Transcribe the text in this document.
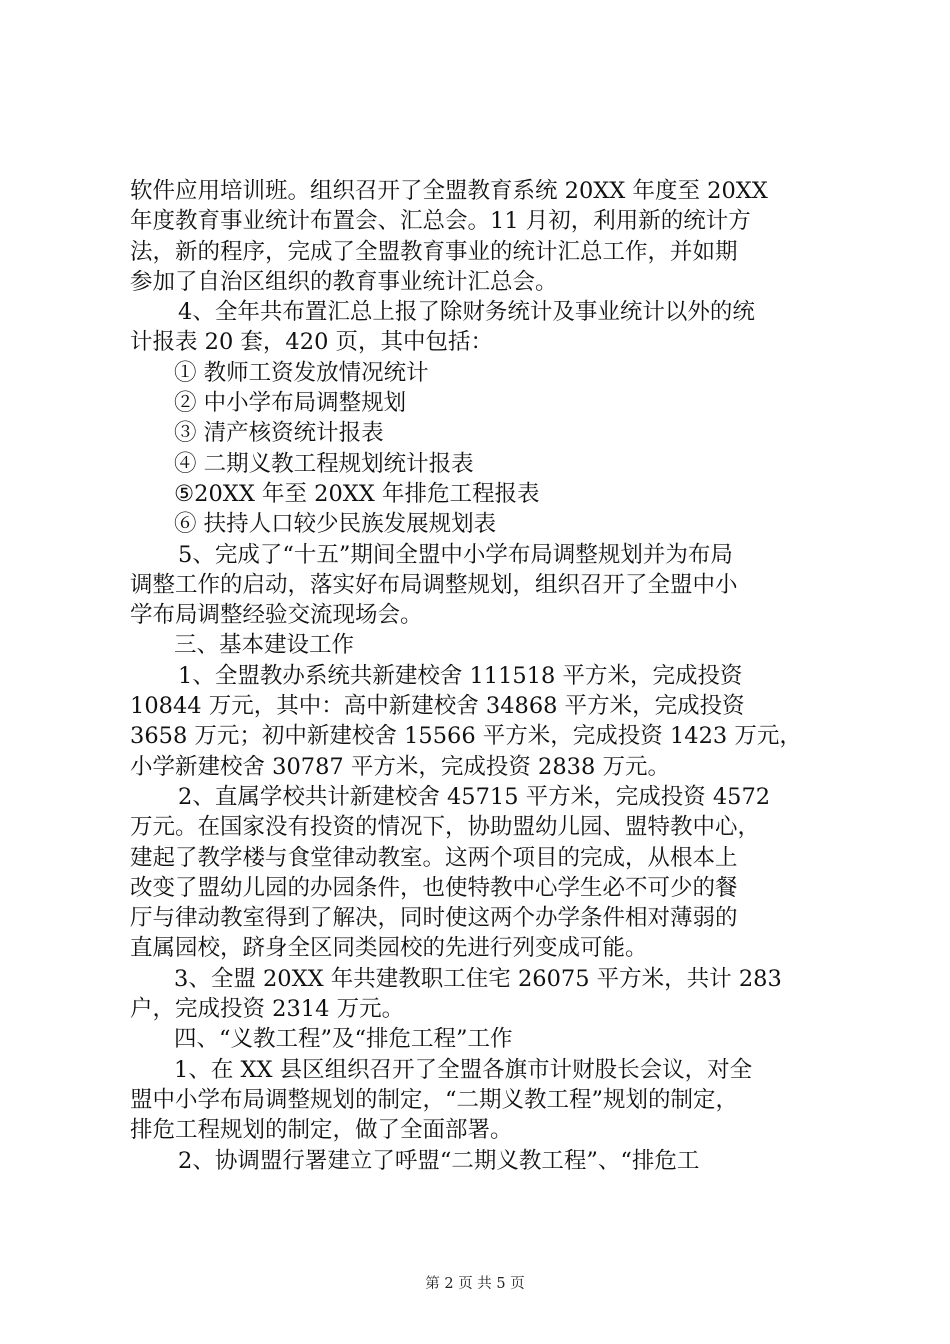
软件应用培训班。组织召开了全盟教育系统 20XX 年度至 20XX
年度教育事业统计布置会、汇总会。11 月初，利用新的统计方
法，新的程序，完成了全盟教育事业的统计汇总工作，并如期
参加了自治区组织的教育事业统计汇总会。
4、全年共布置汇总上报了除财务统计及事业统计以外的统
计报表 20 套，420 页，其中包括：
① 教师工资发放情况统计
② 中小学布局调整规划
③ 清产核资统计报表
④ 二期义教工程规划统计报表
⑤20XX 年至 20XX 年排危工程报表
⑥ 扶持人口较少民族发展规划表
5、完成了“十五”期间全盟中小学布局调整规划并为布局
调整工作的启动，落实好布局调整规划，组织召开了全盟中小
学布局调整经验交流现场会。
三、基本建设工作
1、全盟教办系统共新建校舍 111518 平方米，完成投资
10844 万元，其中：高中新建校舍 34868 平方米，完成投资
3658 万元；初中新建校舍 15566 平方米，完成投资 1423 万元，
小学新建校舍 30787 平方米，完成投资 2838 万元。
2、直属学校共计新建校舍 45715 平方米，完成投资 4572
万元。在国家没有投资的情况下，协助盟幼儿园、盟特教中心，
建起了教学楼与食堂律动教室。这两个项目的完成，从根本上
改变了盟幼儿园的办园条件，也使特教中心学生必不可少的餐
厅与律动教室得到了解决，同时使这两个办学条件相对薄弱的
直属园校，跻身全区同类园校的先进行列变成可能。
3、全盟 20XX 年共建教职工住宅 26075 平方米，共计 283
户，完成投资 2314 万元。
四、“义教工程”及“排危工程”工作
1、在 XX 县区组织召开了全盟各旗市计财股长会议，对全
盟中小学布局调整规划的制定，“二期义教工程”规划的制定，
排危工程规划的制定，做了全面部署。
2、协调盟行署建立了呼盟“二期义教工程”、“排危工
第 2 页 共 5 页
